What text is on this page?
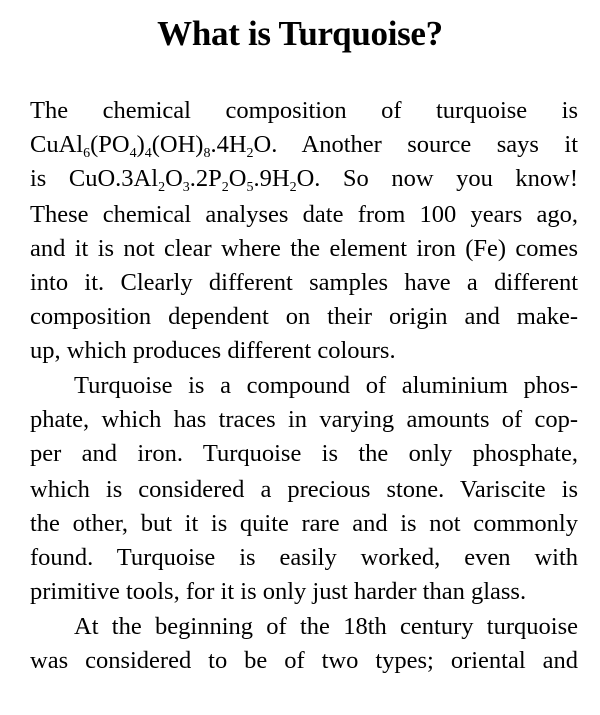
What is Turquoise?
The chemical composition of turquoise is
$CuAl_6(PO_4)_4(OH)_8.4H_2O$. Another source says it
is $CuO.3Al_2O_3.2P_2O_5.9H_2O$. So now you know!
These chemical analyses date from 100 years ago,
and it is not clear where the element iron (Fe) comes
into it. Clearly different samples have a different
composition dependent on their origin and make-
up, which produces different colours.
Turquoise is a compound of aluminium phos-
phate, which has traces in varying amounts of cop-
per and iron. Turquoise is the only phosphate,
which is considered a precious stone. Variscite is
the other, but it is quite rare and is not commonly
found. Turquoise is easily worked, even with
primitive tools, for it is only just harder than glass.
At the beginning of the 18th century turquoise
was considered to be of two types; oriental and
